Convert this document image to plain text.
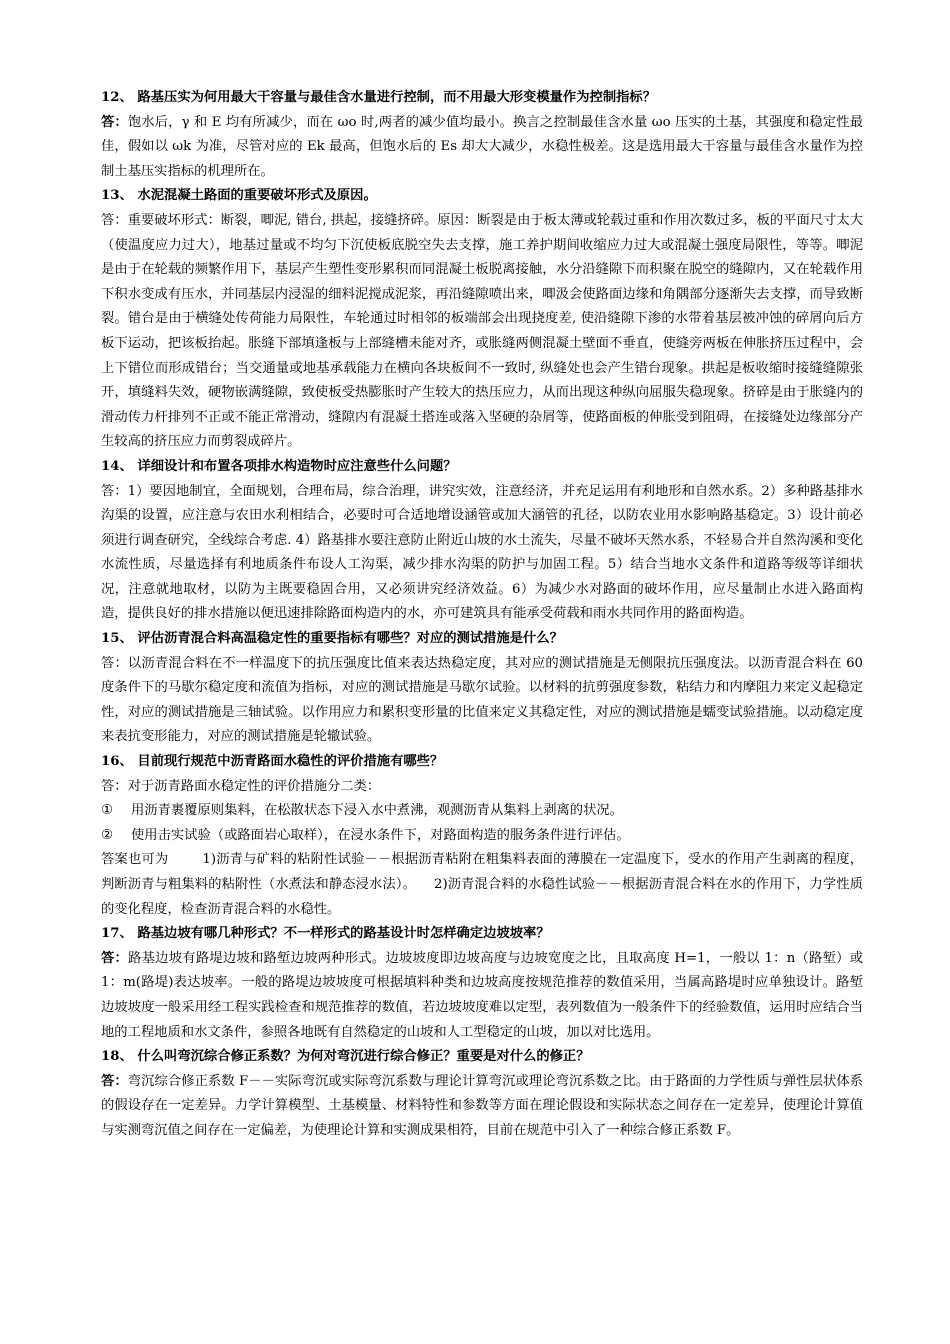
12、 路基压实为何用最大干容量与最佳含水量进行控制，而不用最大形变模量作为控制指标？

答：饱水后，γ 和 E 均有所减少，而在 ωo 时,两者的减少值均最小。换言之控制最佳含水量 ωo 压实的土基，其强度和稳定性最佳，假如以 ωk 为准，尽管对应的 Ek 最高，但饱水后的 Es 却大大减少，水稳性极差。这是选用最大干容量与最佳含水量作为控制土基压实指标的机理所在。

13、 水泥混凝土路面的重要破坏形式及原因。

答：重要破坏形式：断裂，唧泥, 错台, 拱起，接缝挤碎。原因：断裂是由于板太薄或轮载过重和作用次数过多，板的平面尺寸太大（使温度应力过大），地基过量或不均匀下沉使板底脱空失去支撑，施工养护期间收缩应力过大或混凝土强度局限性，等等。唧泥是由于在轮载的频繁作用下，基层产生塑性变形累积而同混凝土板脱离接触，水分沿缝隙下而积聚在脱空的缝隙内，又在轮载作用下积水变成有压水，并同基层内浸湿的细料泥搅成泥浆，再沿缝隙喷出来，唧汲会使路面边缘和角隅部分逐渐失去支撑，而导致断裂。错台是由于横缝处传荷能力局限性，车轮通过时相邻的板端部会出现挠度差, 使沿缝隙下渗的水带着基层被冲蚀的碎屑向后方板下运动，把该板抬起。胀缝下部填逢板与上部缝槽未能对齐，或胀缝两侧混凝土壁面不垂直，使缝旁两板在伸胀挤压过程中，会上下错位而形成错台；当交通量或地基承载能力在横向各块板间不一致时, 纵缝处也会产生错台现象。拱起是板收缩时接缝缝隙张开，填缝料失效，硬物嵌满缝隙，致使板受热膨胀时产生较大的热压应力，从而出现这种纵向屈服失稳现象。挤碎是由于胀缝内的滑动传力杆排列不正或不能正常滑动，缝隙内有混凝土搭连或落入坚硬的杂屑等，使路面板的伸胀受到阻碍，在接缝处边缘部分产生较高的挤压应力而剪裂成碎片。

14、 详细设计和布置各项排水构造物时应注意些什么问题？

答：1）要因地制宜，全面规划，合理布局，综合治理，讲究实效，注意经济，并充足运用有利地形和自然水系。2）多种路基排水沟渠的设置，应注意与农田水利相结合，必要时可合适地增设涵管或加大涵管的孔径，以防农业用水影响路基稳定。3）设计前必须进行调查研究，全线综合考虑. 4）路基排水要注意防止附近山坡的水土流失，尽量不破坏天然水系，不轻易合并自然沟溪和变化水流性质，尽量选择有利地质条件布设人工沟渠，减少排水沟渠的防护与加固工程。5）结合当地水文条件和道路等级等详细状况，注意就地取材，以防为主既要稳固合用，又必须讲究经济效益。6）为减少水对路面的破坏作用，应尽量制止水进入路面构造，提供良好的排水措施以便迅速排除路面构造内的水，亦可建筑具有能承受荷载和雨水共同作用的路面构造。

15、 评估沥青混合料高温稳定性的重要指标有哪些？对应的测试措施是什么？

答：以沥青混合料在不一样温度下的抗压强度比值来表达热稳定度，其对应的测试措施是无侧限抗压强度法。以沥青混合料在 60 度条件下的马歇尔稳定度和流值为指标，对应的测试措施是马歇尔试验。以材料的抗剪强度参数，粘结力和内摩阻力来定义起稳定性，对应的测试措施是三轴试验。以作用应力和累积变形量的比值来定义其稳定性，对应的测试措施是蠕变试验措施。以动稳定度来表抗变形能力，对应的测试措施是轮辙试验。

16、 目前现行规范中沥青路面水稳性的评价措施有哪些？

答：对于沥青路面水稳定性的评价措施分二类：

① 用沥青裹覆原则集料，在松散状态下浸入水中煮沸，观测沥青从集料上剥离的状况。

② 使用击实试验（或路面岩心取样），在浸水条件下，对路面构造的服务条件进行评估。

答案也可为	1)沥青与矿料的粘附性试验－－根据沥青粘附在粗集料表面的薄膜在一定温度下，受水的作用产生剥离的程度，判断沥青与粗集料的粘附性（水煮法和静态浸水法）。 2)沥青混合料的水稳性试验－－根据沥青混合料在水的作用下，力学性质的变化程度，检查沥青混合料的水稳性。

17、 路基边坡有哪几种形式？不一样形式的路基设计时怎样确定边坡坡率？

答：路基边坡有路堤边坡和路堑边坡两种形式。边坡坡度即边坡高度与边坡宽度之比，且取高度 H=1，一般以 1：n（路堑）或 1：m(路堤)表达坡率。一般的路堤边坡坡度可根据填料种类和边坡高度按规范推荐的数值采用，当属高路堤时应单独设计。路堑边坡坡度一般采用经工程实践检查和规范推荐的数值，若边坡坡度难以定型，表列数值为一般条件下的经验数值，运用时应结合当地的工程地质和水文条件，参照各地既有自然稳定的山坡和人工型稳定的山坡，加以对比选用。

18、 什么叫弯沉综合修正系数？为何对弯沉进行综合修正？重要是对什么的修正？

答：弯沉综合修正系数 F－－实际弯沉或实际弯沉系数与理论计算弯沉或理论弯沉系数之比。由于路面的力学性质与弹性层状体系的假设存在一定差异。力学计算模型、土基模量、材料特性和参数等方面在理论假设和实际状态之间存在一定差异，使理论计算值与实测弯沉值之间存在一定偏差，为使理论计算和实测成果相符，目前在规范中引入了一种综合修正系数 F。
